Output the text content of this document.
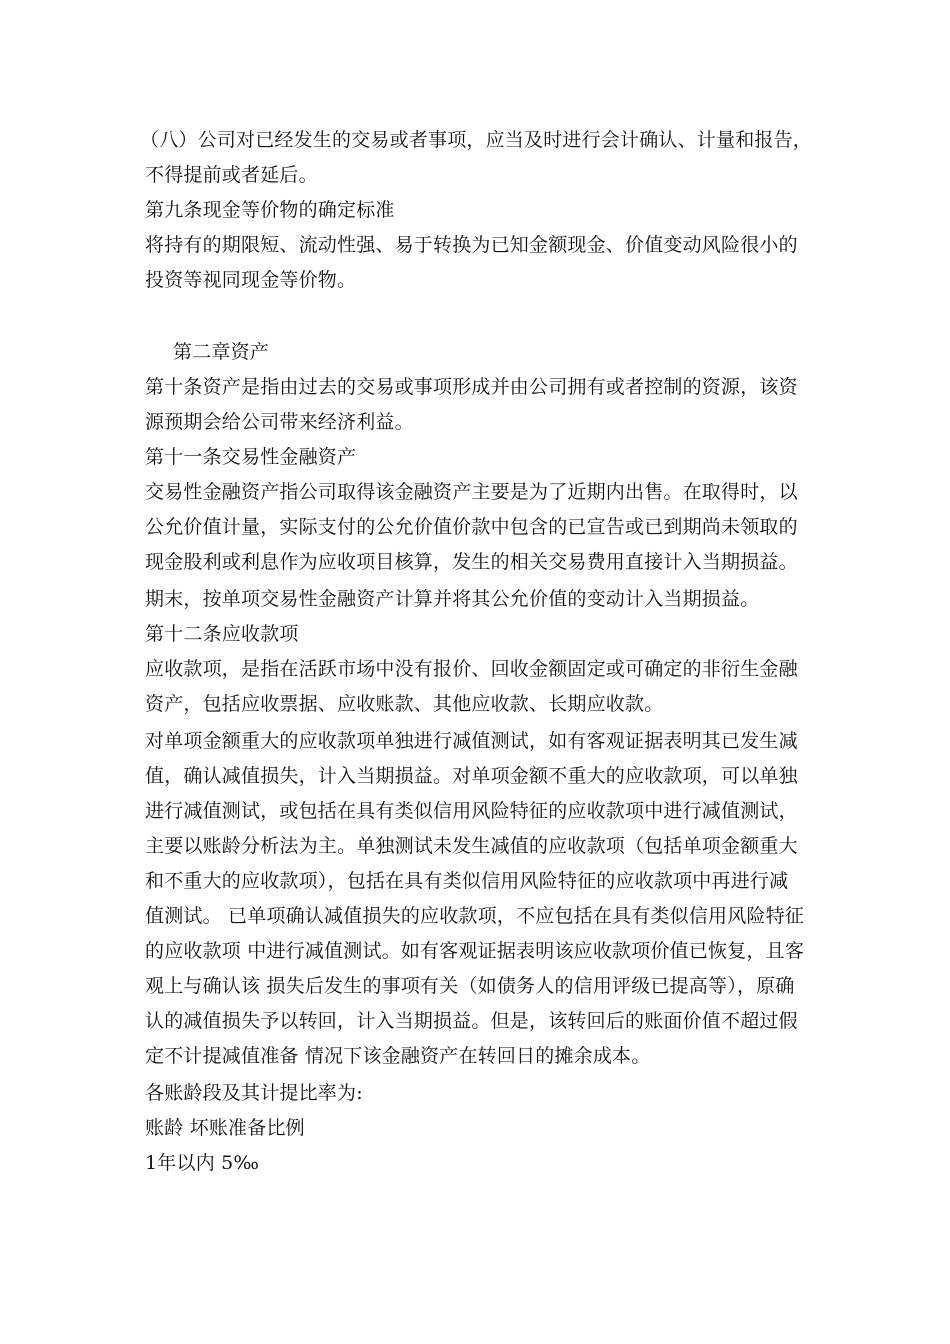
（八）公司对已经发生的交易或者事项，应当及时进行会计确认、计量和报告，
不得提前或者延后。
第九条现金等价物的确定标准
将持有的期限短、流动性强、易于转换为已知金额现金、价值变动风险很小的
投资等视同现金等价物。
第二章资产
第十条资产是指由过去的交易或事项形成并由公司拥有或者控制的资源，该资
源预期会给公司带来经济利益。
第十一条交易性金融资产
交易性金融资产指公司取得该金融资产主要是为了近期内出售。在取得时，以
公允价值计量，实际支付的公允价值价款中包含的已宣告或已到期尚未领取的
现金股利或利息作为应收项目核算，发生的相关交易费用直接计入当期损益。
期末，按单项交易性金融资产计算并将其公允价值的变动计入当期损益。
第十二条应收款项
应收款项，是指在活跃市场中没有报价、回收金额固定或可确定的非衍生金融
资产，包括应收票据、应收账款、其他应收款、长期应收款。
对单项金额重大的应收款项单独进行减值测试，如有客观证据表明其已发生减
值，确认减值损失，计入当期损益。对单项金额不重大的应收款项，可以单独
进行减值测试，或包括在具有类似信用风险特征的应收款项中进行减值测试，
主要以账龄分析法为主。单独测试未发生减值的应收款项（包括单项金额重大
和不重大的应收款项），包括在具有类似信用风险特征的应收款项中再进行减
值测试。 已单项确认减值损失的应收款项，不应包括在具有类似信用风险特征
的应收款项 中进行减值测试。如有客观证据表明该应收款项价值已恢复，且客
观上与确认该 损失后发生的事项有关（如债务人的信用评级已提高等），原确
认的减值损失予以转回，计入当期损益。但是，该转回后的账面价值不超过假
定不计提减值准备 情况下该金融资产在转回日的摊余成本。
各账龄段及其计提比率为:
账龄 坏账准备比例
1年以内 5‰
